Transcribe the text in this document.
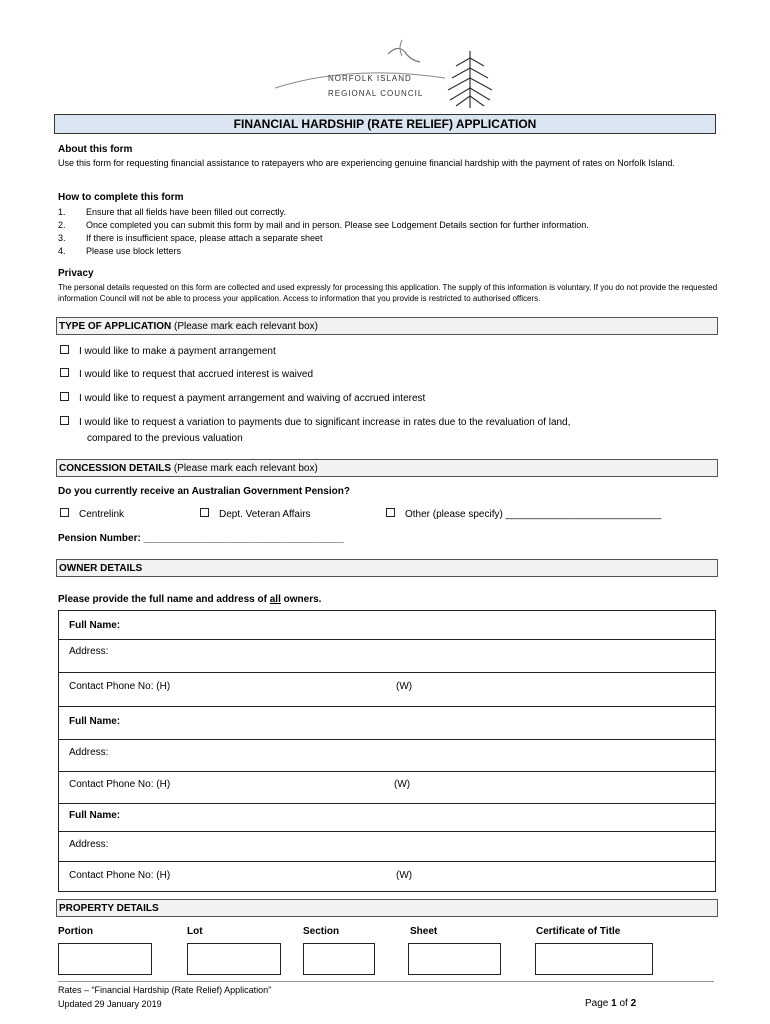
NORFOLK ISLAND
REGIONAL COUNCIL
FINANCIAL HARDSHIP (RATE RELIEF) APPLICATION
About this form
Use this form for requesting financial assistance to ratepayers who are experiencing genuine financial hardship with the payment of rates on Norfolk Island.
How to complete this form
1. Ensure that all fields have been filled out correctly.
2. Once completed you can submit this form by mail and in person. Please see Lodgement Details section for further information.
3. If there is insufficient space, please attach a separate sheet
4. Please use block letters
Privacy
The personal details requested on this form are collected and used expressly for processing this application. The supply of this information is voluntary. If you do not provide the requested information Council will not be able to process your application. Access to information that you provide is restricted to authorised officers.
TYPE OF APPLICATION (Please mark each relevant box)
I would like to make a payment arrangement
I would like to request that accrued interest is waived
I would like to request a payment arrangement and waiving of accrued interest
I would like to request a variation to payments due to significant increase in rates due to the revaluation of land,
compared to the previous valuation
CONCESSION DETAILS (Please mark each relevant box)
Do you currently receive an Australian Government Pension?
Centrelink	Dept. Veteran Affairs	Other (please specify) ____________________________
Pension Number: ____________________________________
OWNER DETAILS
Please provide the full name and address of all owners.
Full Name:
Address:
Contact Phone No: (H)	(W)
Full Name:
Address:
Contact Phone No: (H)	(W)
Full Name:
Address:
Contact Phone No: (H)	(W)
PROPERTY DETAILS
Portion	Lot	Section	Sheet	Certificate of Title
Rates – “Financial Hardship (Rate Relief) Application”
Updated 29 January 2019	Page 1 of 2
